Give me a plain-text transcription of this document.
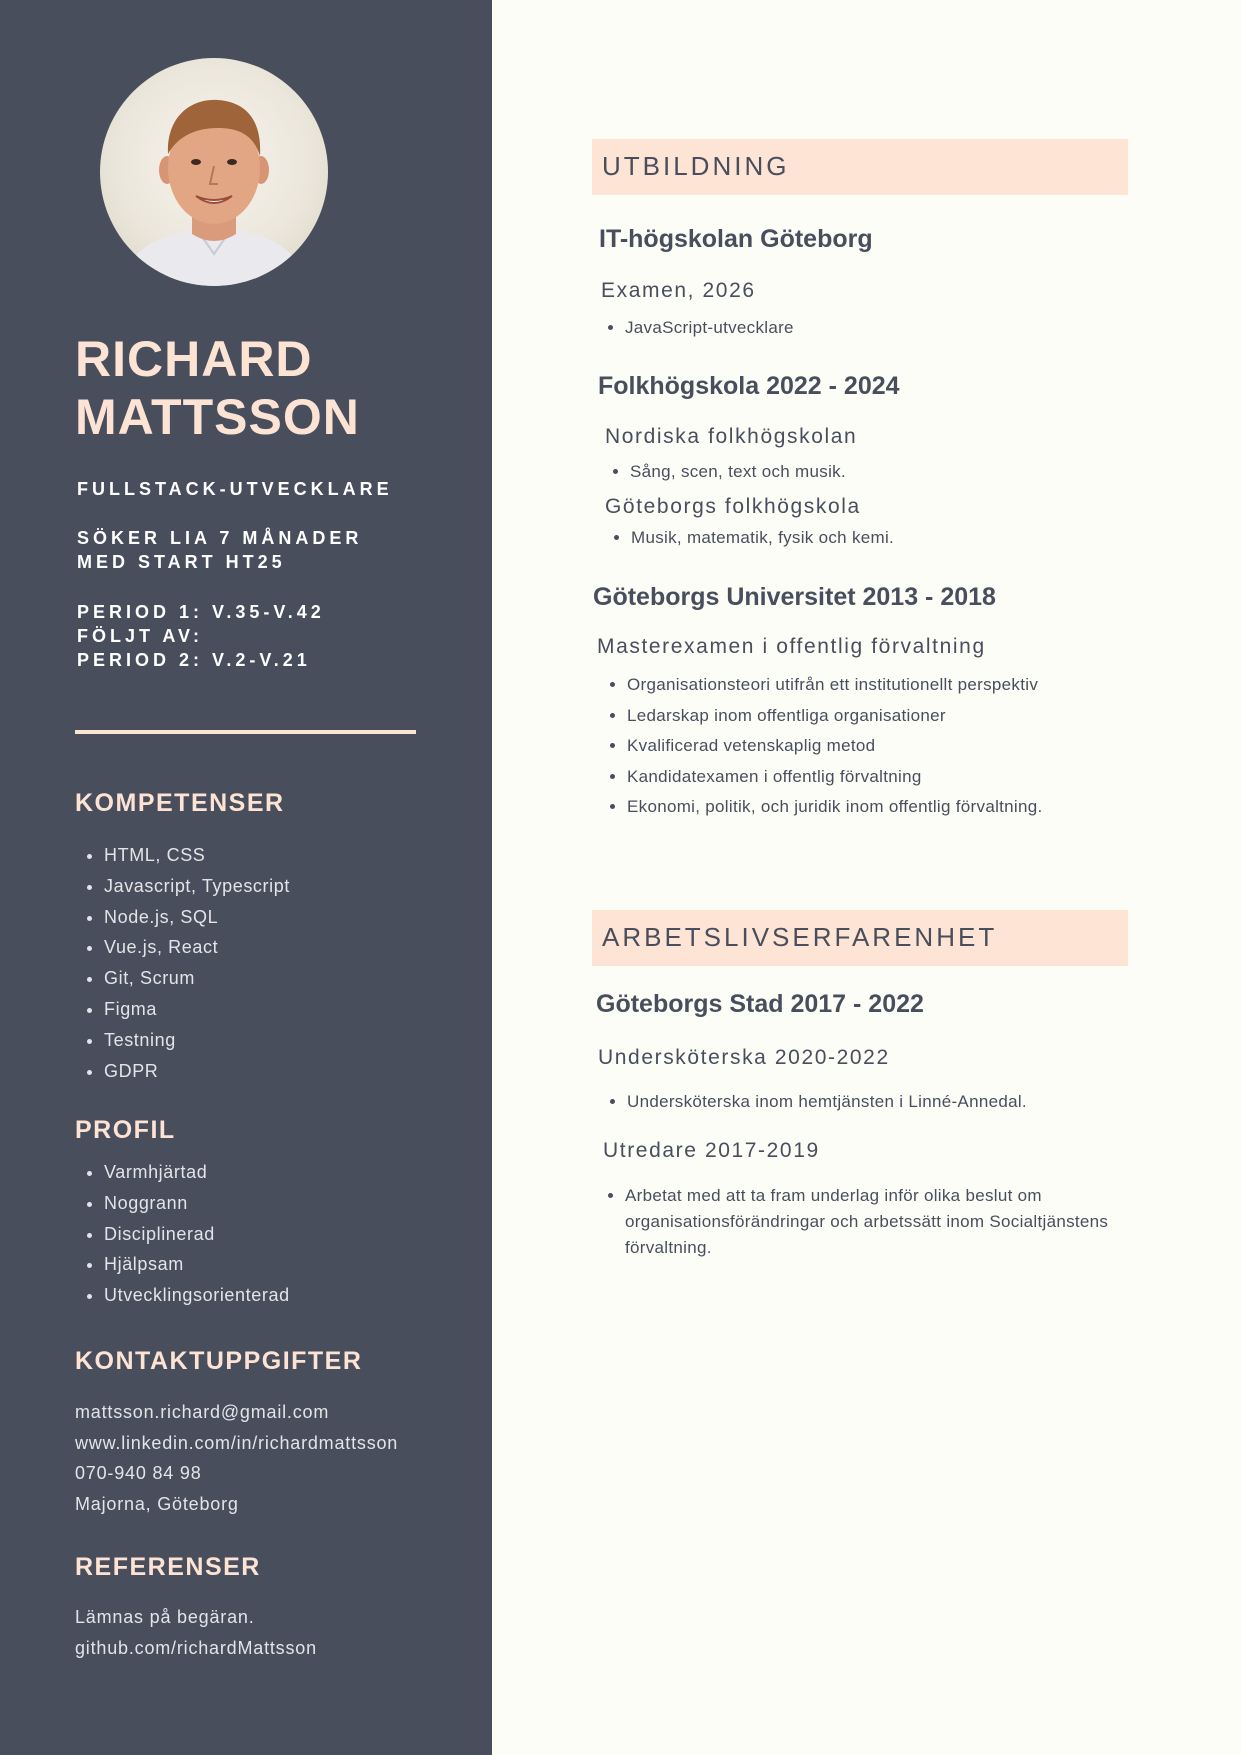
RICHARD
MATTSSON

FULLSTACK-UTVECKLARE

SÖKER LIA 7 MÅNADER
MED START HT25

PERIOD 1: V.35-V.42
FÖLJT AV:
PERIOD 2: V.2-V.21

KOMPETENSER
• HTML, CSS
• Javascript, Typescript
• Node.js, SQL
• Vue.js, React
• Git, Scrum
• Figma
• Testning
• GDPR
PROFIL
• Varmhjärtad
• Noggrann
• Disciplinerad
• Hjälpsam
• Utvecklingsorienterad
KONTAKTUPPGIFTER
mattsson.richard@gmail.com
www.linkedin.com/in/richardmattsson
070-940 84 98
Majorna, Göteborg
REFERENSER
Lämnas på begäran.
github.com/richardMattsson
UTBILDNING
IT-högskolan Göteborg
Examen, 2026
• JavaScript-utvecklare
Folkhögskola 2022 - 2024
Nordiska folkhögskolan
• Sång, scen, text och musik.
Göteborgs folkhögskola
• Musik, matematik, fysik och kemi.
Göteborgs Universitet 2013 - 2018
Masterexamen i offentlig förvaltning
• Organisationsteori utifrån ett institutionellt perspektiv
• Ledarskap inom offentliga organisationer
• Kvalificerad vetenskaplig metod
• Kandidatexamen i offentlig förvaltning
• Ekonomi, politik, och juridik inom offentlig förvaltning.
ARBETSLIVSERFARENHET
Göteborgs Stad 2017 - 2022
Undersköterska 2020-2022
• Undersköterska inom hemtjänsten i Linné-Annedal.
Utredare 2017-2019
• Arbetat med att ta fram underlag inför olika beslut om organisationsförändringar och arbetssätt inom Socialtjänstens förvaltning.
